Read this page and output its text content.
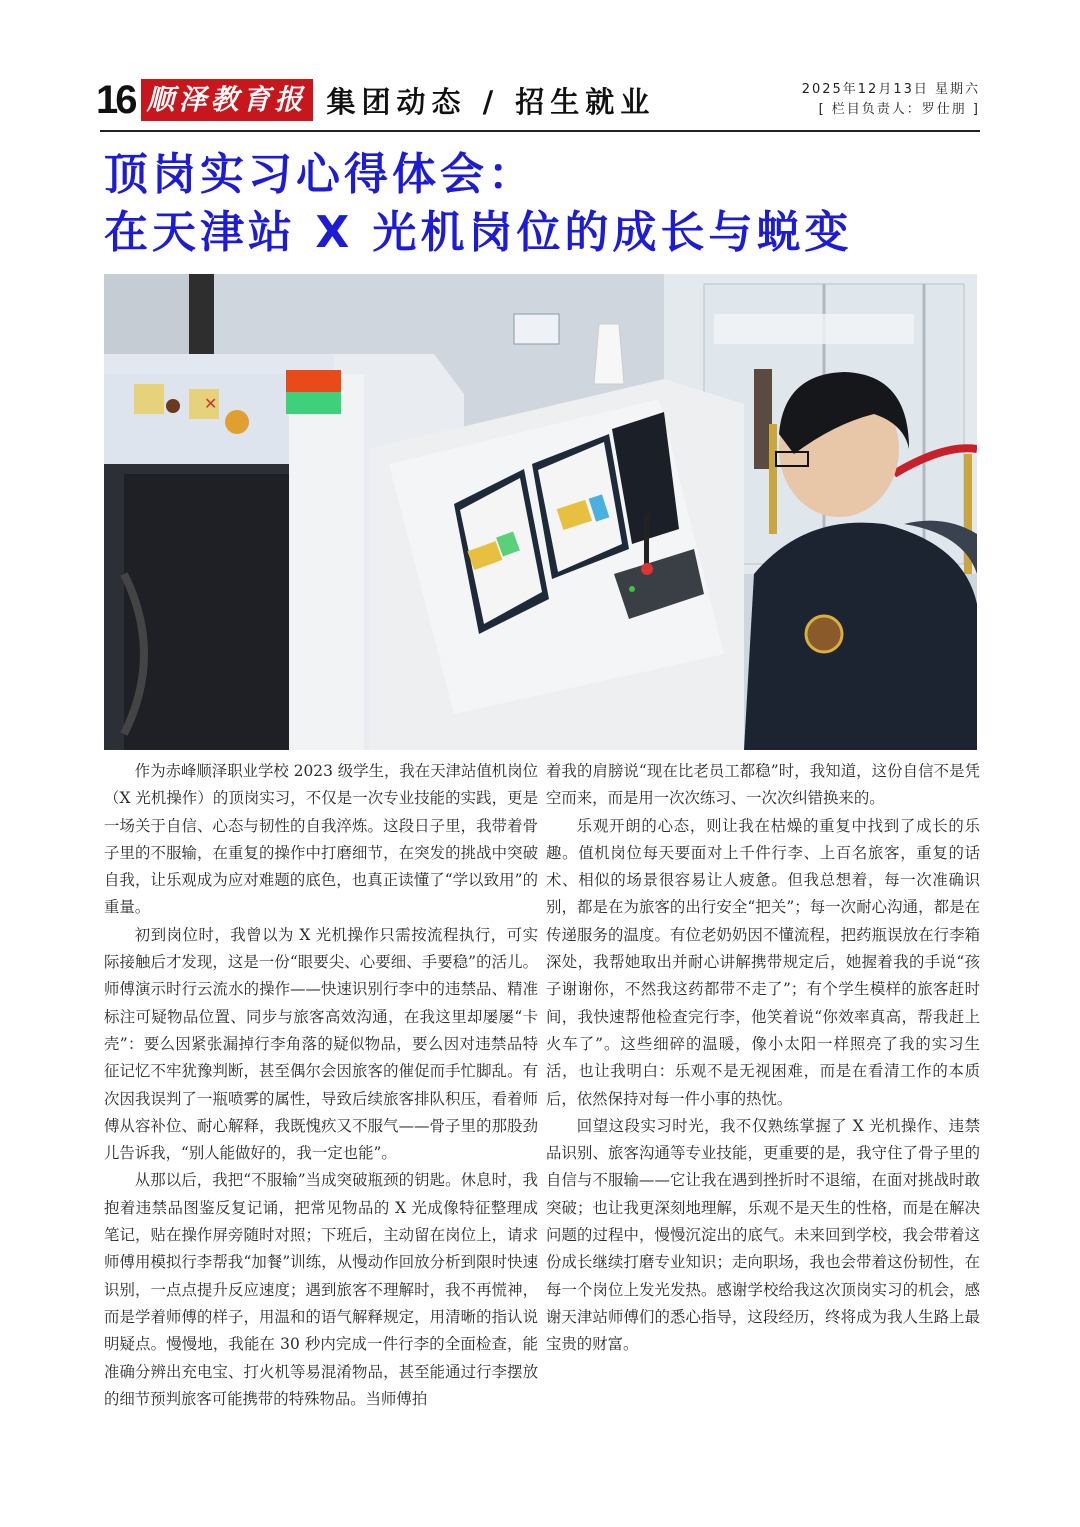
16 顺泽教育报 集团动态 / 招生就业	2025年12月13日 星期六
[ 栏目负责人：罗仕朋 ]
顶岗实习心得体会：
在天津站 X 光机岗位的成长与蜕变
✕

作为赤峰顺泽职业学校 2023 级学生，我在天津站值机岗位（X 光机操作）的顶岗实习，不仅是一次专业技能的实践，更是一场关于自信、心态与韧性的自我淬炼。这段日子里，我带着骨子里的不服输，在重复的操作中打磨细节，在突发的挑战中突破自我，让乐观成为应对难题的底色，也真正读懂了“学以致用”的重量。

初到岗位时，我曾以为 X 光机操作只需按流程执行，可实际接触后才发现，这是一份“眼要尖、心要细、手要稳”的活儿。师傅演示时行云流水的操作——快速识别行李中的违禁品、精准标注可疑物品位置、同步与旅客高效沟通，在我这里却屡屡“卡壳”：要么因紧张漏掉行李角落的疑似物品，要么因对违禁品特征记忆不牢犹豫判断，甚至偶尔会因旅客的催促而手忙脚乱。有次因我误判了一瓶喷雾的属性，导致后续旅客排队积压，看着师傅从容补位、耐心解释，我既愧疚又不服气——骨子里的那股劲儿告诉我，“别人能做好的，我一定也能”。

从那以后，我把“不服输”当成突破瓶颈的钥匙。休息时，我抱着违禁品图鉴反复记诵，把常见物品的 X 光成像特征整理成笔记，贴在操作屏旁随时对照；下班后，主动留在岗位上，请求师傅用模拟行李帮我“加餐”训练，从慢动作回放分析到限时快速识别，一点点提升反应速度；遇到旅客不理解时，我不再慌神，而是学着师傅的样子，用温和的语气解释规定，用清晰的指认说明疑点。慢慢地，我能在 30 秒内完成一件行李的全面检查，能准确分辨出充电宝、打火机等易混淆物品，甚至能通过行李摆放的细节预判旅客可能携带的特殊物品。当师傅拍

着我的肩膀说“现在比老员工都稳”时，我知道，这份自信不是凭空而来，而是用一次次练习、一次次纠错换来的。

乐观开朗的心态，则让我在枯燥的重复中找到了成长的乐趣。值机岗位每天要面对上千件行李、上百名旅客，重复的话术、相似的场景很容易让人疲惫。但我总想着，每一次准确识别，都是在为旅客的出行安全“把关”；每一次耐心沟通，都是在传递服务的温度。有位老奶奶因不懂流程，把药瓶误放在行李箱深处，我帮她取出并耐心讲解携带规定后，她握着我的手说“孩子谢谢你，不然我这药都带不走了”；有个学生模样的旅客赶时间，我快速帮他检查完行李，他笑着说“你效率真高，帮我赶上火车了”。这些细碎的温暖，像小太阳一样照亮了我的实习生活，也让我明白：乐观不是无视困难，而是在看清工作的本质后，依然保持对每一件小事的热忱。

回望这段实习时光，我不仅熟练掌握了 X 光机操作、违禁品识别、旅客沟通等专业技能，更重要的是，我守住了骨子里的自信与不服输——它让我在遇到挫折时不退缩，在面对挑战时敢突破；也让我更深刻地理解，乐观不是天生的性格，而是在解决问题的过程中，慢慢沉淀出的底气。未来回到学校，我会带着这份成长继续打磨专业知识；走向职场，我也会带着这份韧性，在每一个岗位上发光发热。感谢学校给我这次顶岗实习的机会，感谢天津站师傅们的悉心指导，这段经历，终将成为我人生路上最宝贵的财富。
